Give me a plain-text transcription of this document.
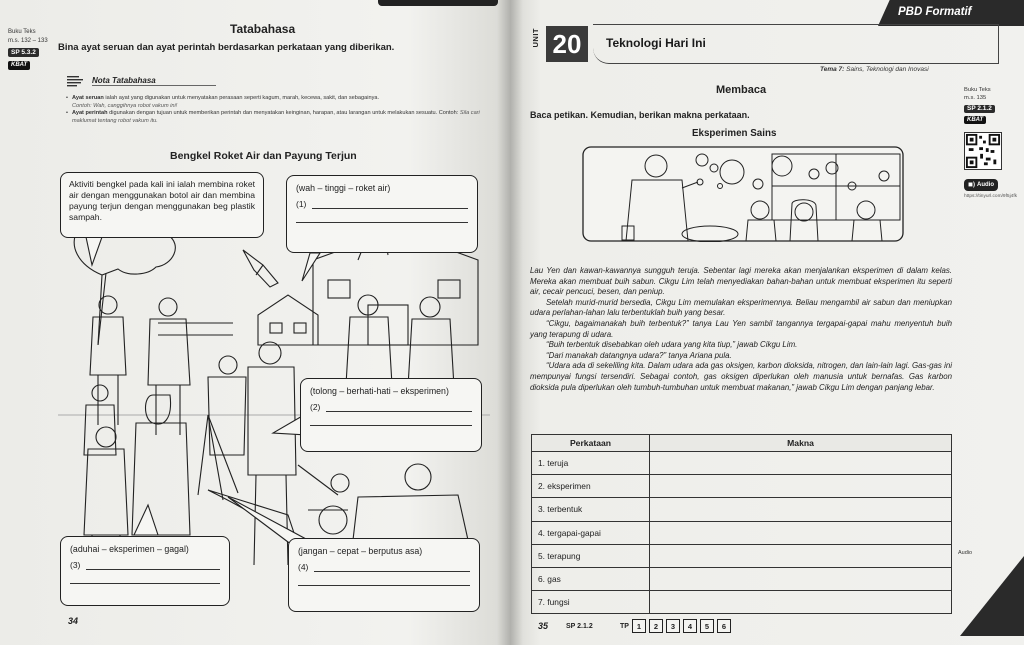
Buku Teks
m.s. 132 – 133
SP 5.3.2
KBAT
Tatabahasa
Bina ayat seruan dan ayat perintah berdasarkan perkataan yang diberikan.
Nota Tatabahasa
• Ayat seruan ialah ayat yang digunakan untuk menyatakan perasaan seperti kagum, marah, kecewa, sakit, dan sebagainya.
Contoh: Wah, canggihnya robot vakum ini!
• Ayat perintah digunakan dengan tujuan untuk memberikan perintah dan menyatakan keinginan, harapan, atau larangan untuk melakukan sesuatu. Contoh: Sila cari maklumat tentang robot vakum itu.
Bengkel Roket Air dan Payung Terjun
Aktiviti bengkel pada kali ini ialah membina roket air dengan menggunakan botol air dan membina payung terjun dengan menggunakan beg plastik sampah.
(wah – tinggi – roket air)
(1)
(tolong – berhati-hati – eksperimen)
(2)
(aduhai – eksperimen – gagal)
(3)
(jangan – cepat – berputus asa)
(4)
34
PBD Formatif
UNIT 20	Teknologi Hari Ini
Tema 7: Sains, Teknologi dan Inovasi
Buku Teks
m.s. 135
SP 2.1.2
KBAT
◼) Audio
https://tinyurl.com/9f5j4fk
Audio
Membaca
Baca petikan. Kemudian, berikan makna perkataan.
Eksperimen Sains

Lau Yen dan kawan-kawannya sungguh teruja. Sebentar lagi mereka akan menjalankan eksperimen di dalam kelas. Mereka akan membuat buih sabun. Cikgu Lim telah menyediakan bahan-bahan untuk membuat eksperimen itu seperti air, cecair pencuci, besen, dan peniup.

Setelah murid-murid bersedia, Cikgu Lim memulakan eksperimennya. Beliau mengambil air sabun dan meniupkan udara perlahan-lahan lalu terbentuklah buih yang besar.

“Cikgu, bagaimanakah buih terbentuk?” tanya Lau Yen sambil tangannya tergapai-gapai mahu menyentuh buih yang terapung di udara.

“Buih terbentuk disebabkan oleh udara yang kita tiup,” jawab Cikgu Lim.

“Dari manakah datangnya udara?” tanya Ariana pula.

“Udara ada di sekeliling kita. Dalam udara ada gas oksigen, karbon dioksida, nitrogen, dan lain-lain lagi. Gas-gas ini mempunyai fungsi tersendiri. Sebagai contoh, gas oksigen diperlukan oleh manusia untuk bernafas. Gas karbon dioksida pula diperlukan oleh tumbuh-tumbuhan untuk membuat makanan,” jawab Cikgu Lim dengan panjang lebar.

Perkataan	Makna
1. teruja	
2. eksperimen	
3. terbentuk	
4. tergapai-gapai	
5. terapung	
6. gas	
7. fungsi	
35	SP 2.1.2	TP	1	2	3	4	5	6
